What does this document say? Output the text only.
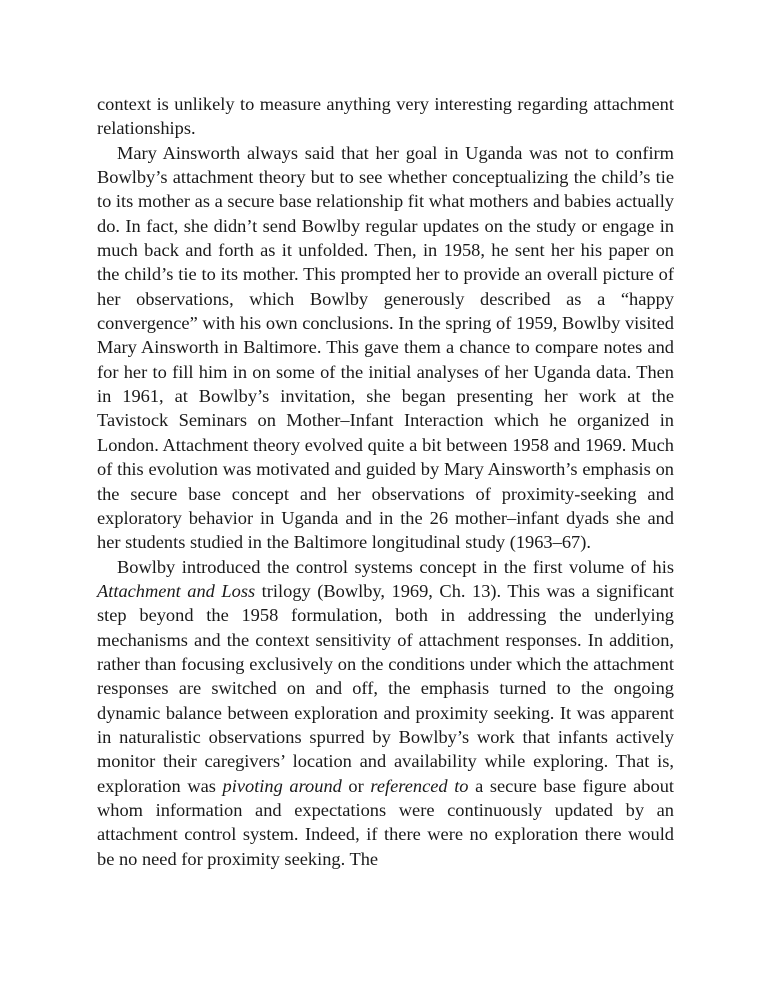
context is unlikely to measure anything very interesting regarding attachment relationships.

Mary Ainsworth always said that her goal in Uganda was not to confirm Bowlby’s attachment theory but to see whether conceptualizing the child’s tie to its mother as a secure base relationship fit what mothers and babies actually do. In fact, she didn’t send Bowlby regular updates on the study or engage in much back and forth as it unfolded. Then, in 1958, he sent her his paper on the child’s tie to its mother. This prompted her to provide an overall picture of her observations, which Bowlby generously described as a “happy convergence” with his own conclusions. In the spring of 1959, Bowlby visited Mary Ainsworth in Baltimore. This gave them a chance to compare notes and for her to fill him in on some of the initial analyses of her Uganda data. Then in 1961, at Bowlby’s invitation, she began presenting her work at the Tavistock Seminars on Mother–Infant Interaction which he organized in London. Attachment theory evolved quite a bit between 1958 and 1969. Much of this evolution was motivated and guided by Mary Ainsworth’s emphasis on the secure base concept and her observations of proximity-seeking and exploratory behavior in Uganda and in the 26 mother–infant dyads she and her students studied in the Baltimore longitudinal study (1963–67).

Bowlby introduced the control systems concept in the first volume of his Attachment and Loss trilogy (Bowlby, 1969, Ch. 13). This was a significant step beyond the 1958 formulation, both in addressing the underlying mechanisms and the context sensitivity of attachment responses. In addition, rather than focusing exclusively on the conditions under which the attachment responses are switched on and off, the emphasis turned to the ongoing dynamic balance between exploration and proximity seeking. It was apparent in naturalistic observations spurred by Bowlby’s work that infants actively monitor their caregivers’ location and availability while exploring. That is, exploration was pivoting around or referenced to a secure base figure about whom information and expectations were continuously updated by an attachment control system. Indeed, if there were no exploration there would be no need for proximity seeking. The
